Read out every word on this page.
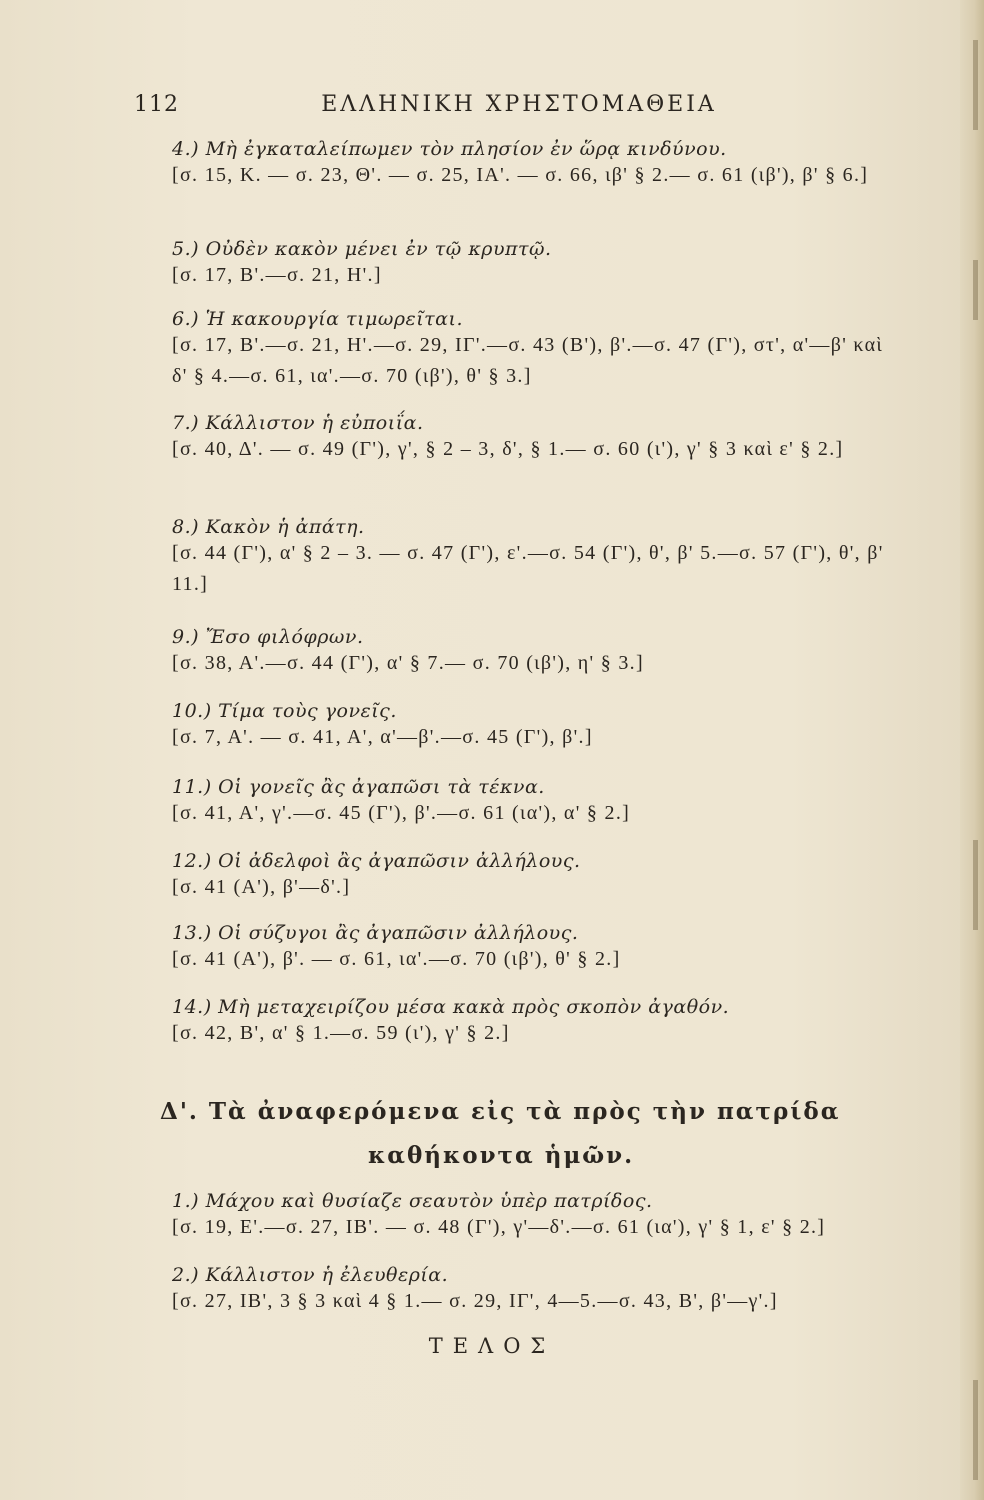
112	ΕΛΛΗΝΙΚΗ ΧΡΗΣΤΟΜΑΘΕΙΑ
4.) Μὴ ἐγκαταλείπωμεν τὸν πλησίον ἐν ὥρᾳ κινδύνου.
[σ. 15, Κ. — σ. 23, Θ'. — σ. 25, ΙΑ'. — σ. 66, ιβ' § 2.— σ. 61 (ιβ'), β' § 6.]
5.) Οὐδὲν κακὸν μένει ἐν τῷ κρυπτῷ.
[σ. 17, Β'.—σ. 21, Η'.]
6.) Ἡ κακουργία τιμωρεῖται.
[σ. 17, Β'.—σ. 21, Η'.—σ. 29, ΙΓ'.—σ. 43 (Β'), β'.—σ. 47 (Γ'), στ', α'—β' καὶ δ' § 4.—σ. 61, ια'.—σ. 70 (ιβ'), θ' § 3.]
7.) Κάλλιστον ἡ εὐποιΐα.
[σ. 40, Δ'. — σ. 49 (Γ'), γ', § 2 – 3, δ', § 1.— σ. 60 (ι'), γ' § 3 καὶ ε' § 2.]
8.) Κακὸν ἡ ἀπάτη.
[σ. 44 (Γ'), α' § 2 – 3. — σ. 47 (Γ'), ε'.—σ. 54 (Γ'), θ', β' 5.—σ. 57 (Γ'), θ', β' 11.]
9.) Ἔσο φιλόφρων.
[σ. 38, Α'.—σ. 44 (Γ'), α' § 7.— σ. 70 (ιβ'), η' § 3.]
10.) Τίμα τοὺς γονεῖς.
[σ. 7, Α'. — σ. 41, Α', α'—β'.—σ. 45 (Γ'), β'.]
11.) Οἱ γονεῖς ἂς ἀγαπῶσι τὰ τέκνα.
[σ. 41, Α', γ'.—σ. 45 (Γ'), β'.—σ. 61 (ια'), α' § 2.]
12.) Οἱ ἀδελφοὶ ἂς ἀγαπῶσιν ἀλλήλους.
[σ. 41 (Α'), β'—δ'.]
13.) Οἱ σύζυγοι ἂς ἀγαπῶσιν ἀλλήλους.
[σ. 41 (Α'), β'. — σ. 61, ια'.—σ. 70 (ιβ'), θ' § 2.]
14.) Μὴ μεταχειρίζου μέσα κακὰ πρὸς σκοπὸν ἀγαθόν.
[σ. 42, Β', α' § 1.—σ. 59 (ι'), γ' § 2.]
Δ'. Τὰ ἀναφερόμενα εἰς τὰ πρὸς τὴν πατρίδα
καθήκοντα ἡμῶν.
1.) Μάχου καὶ θυσίαζε σεαυτὸν ὑπὲρ πατρίδος.
[σ. 19, Ε'.—σ. 27, ΙΒ'. — σ. 48 (Γ'), γ'—δ'.—σ. 61 (ια'), γ' § 1, ε' § 2.]
2.) Κάλλιστον ἡ ἐλευθερία.
[σ. 27, ΙΒ', 3 § 3 καὶ 4 § 1.— σ. 29, ΙΓ', 4—5.—σ. 43, Β', β'—γ'.]
ΤΕΛΟΣ
